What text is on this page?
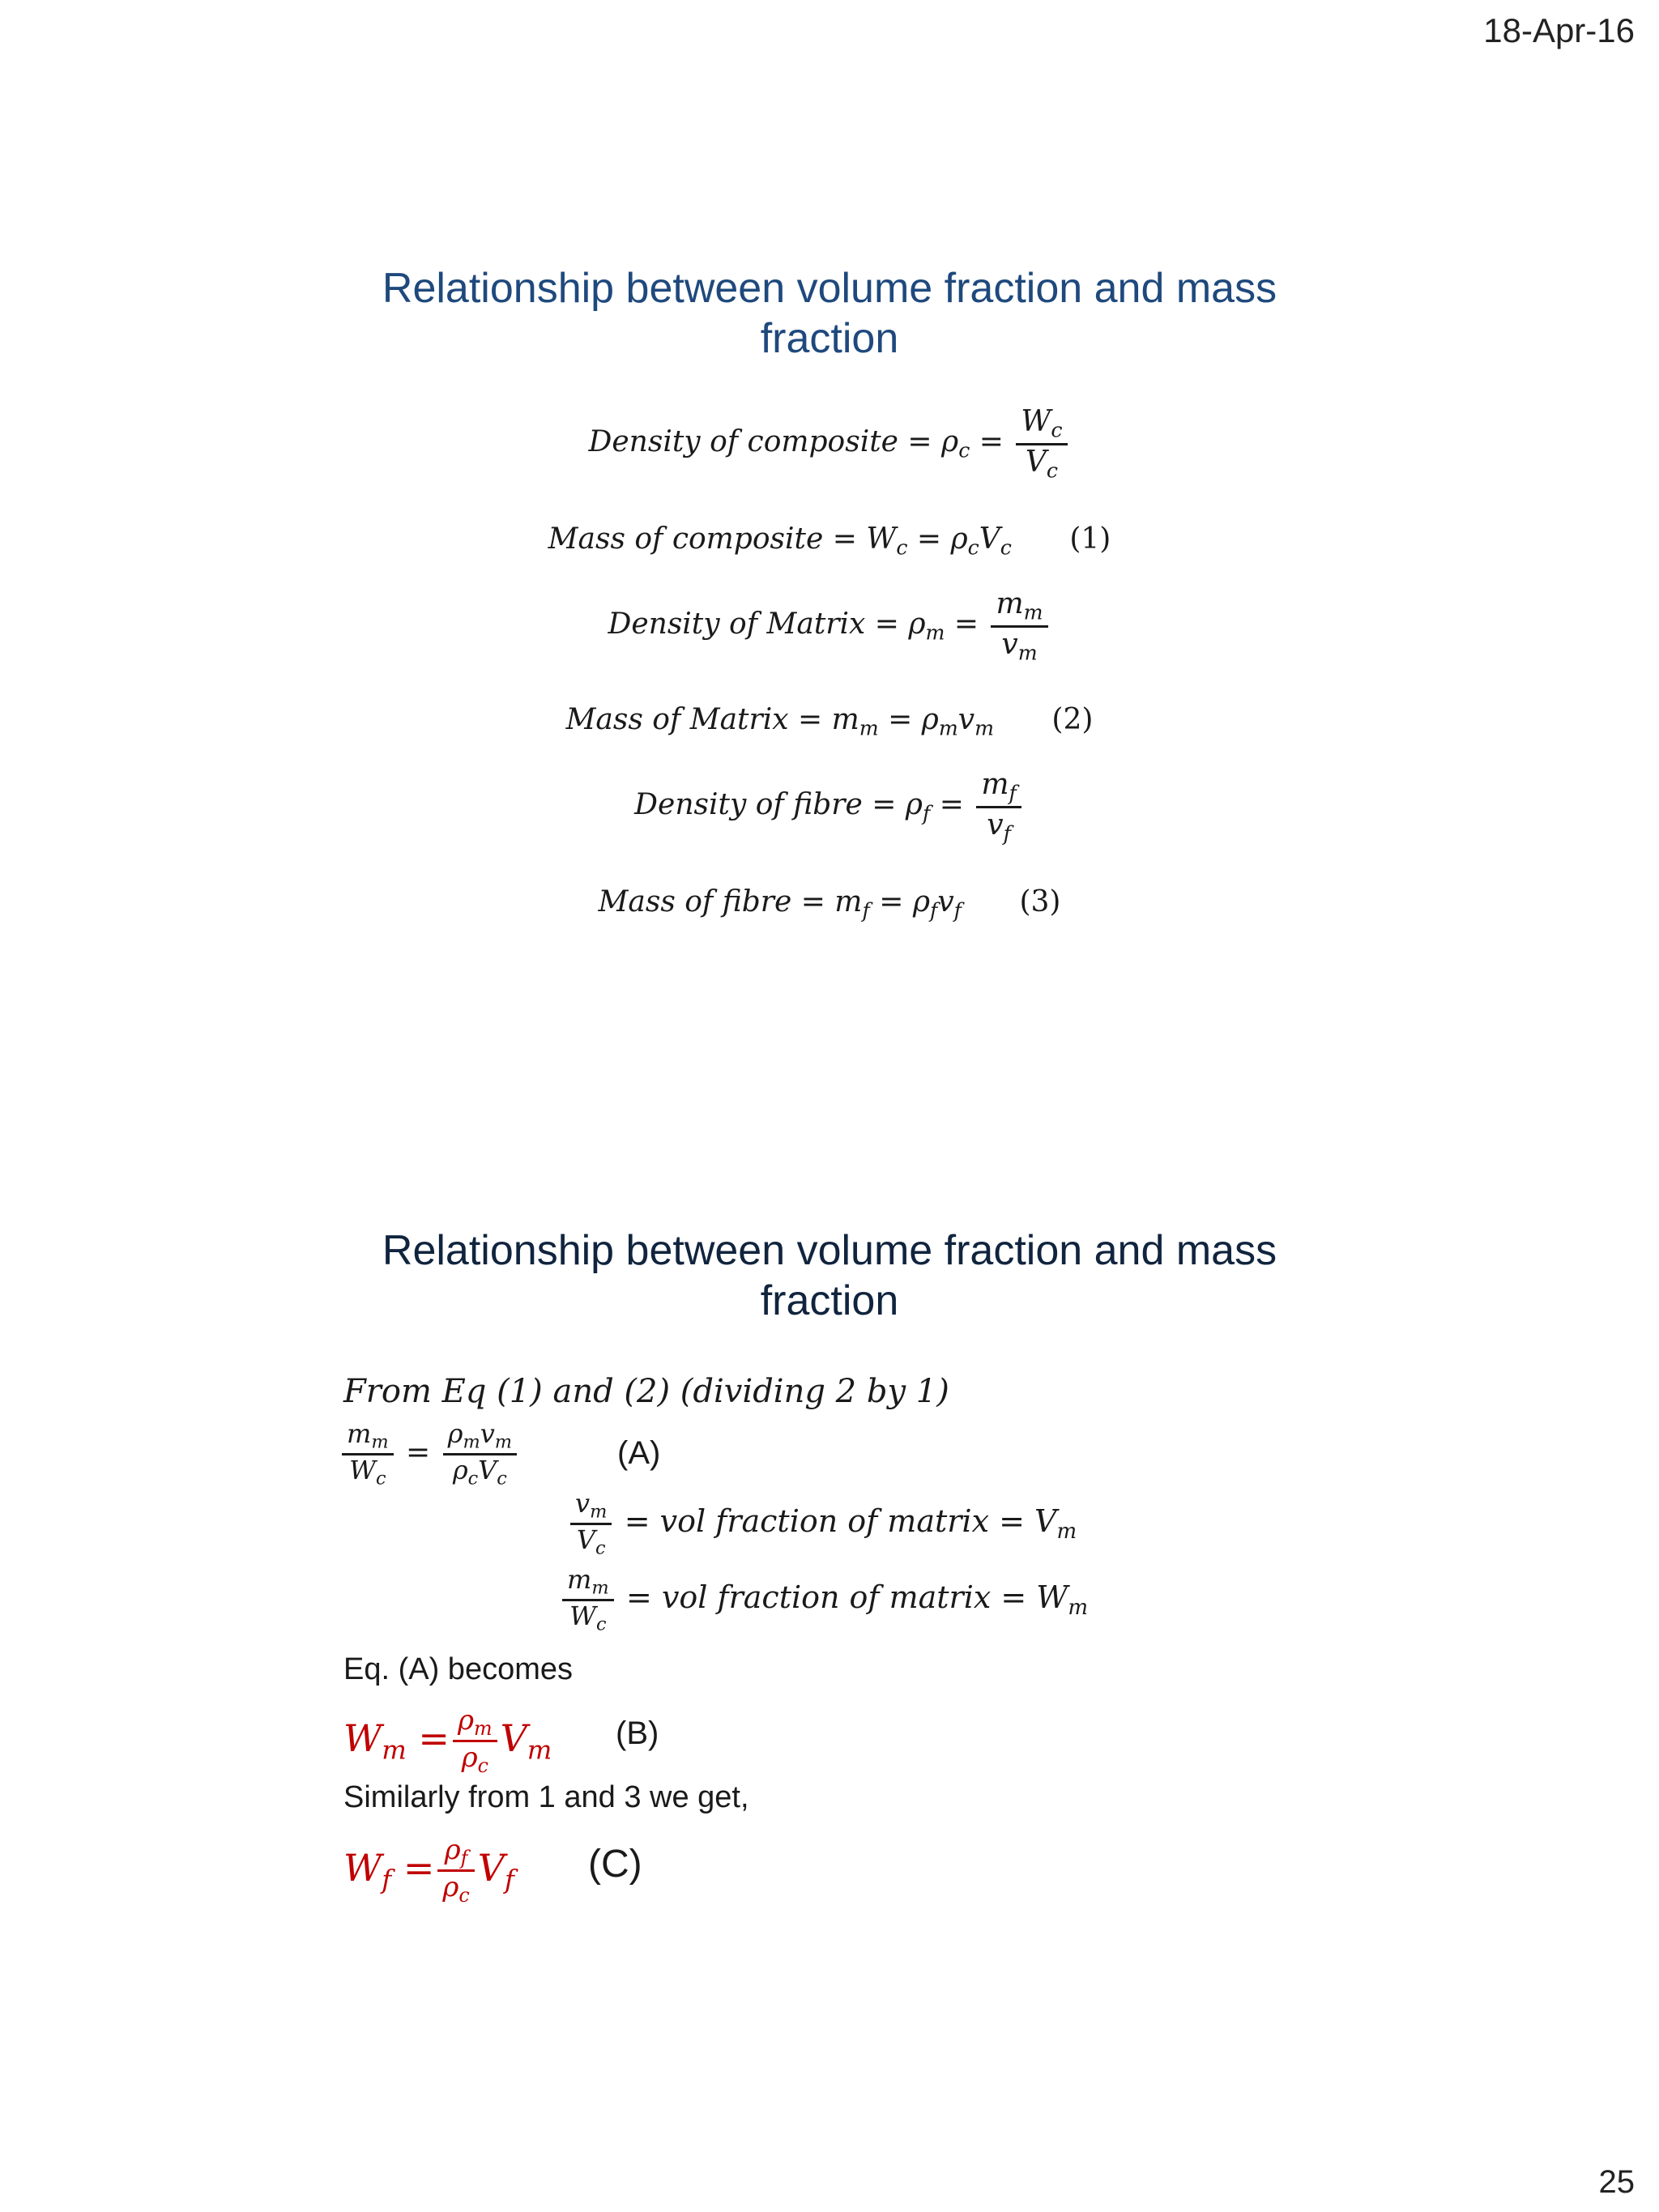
18-Apr-16
Relationship between volume fraction and mass
fraction
Density of composite = $\rho_c = \frac{W_c}{V_c}$
Mass of composite = $W_c = \rho_cV_c$ (1)
Density of Matrix = $\rho_m = \frac{m_m}{v_m}$
Mass of Matrix = $m_m = \rho_mv_m$ (2)
Density of fibre = $\rho_f = \frac{m_f}{v_f}$
Mass of fibre = $m_f = \rho_fv_f$ (3)
Relationship between volume fraction and mass
fraction
From Eq (1) and (2) (dividing 2 by 1)
$\frac{m_m}{W_c} = \frac{\rho_mv_m}{\rho_cV_c}$	(A)
$\frac{v_m}{V_c}$ = vol fraction of matrix = $V_m$
$\frac{m_m}{W_c}$ = vol fraction of matrix = $W_m$
Eq. (A) becomes
$W_m = \frac{\rho_m}{\rho_c} V_m$ (B)
Similarly from 1 and 3 we get,
$W_f = \frac{\rho_f}{\rho_c} V_f$ (C)
25
